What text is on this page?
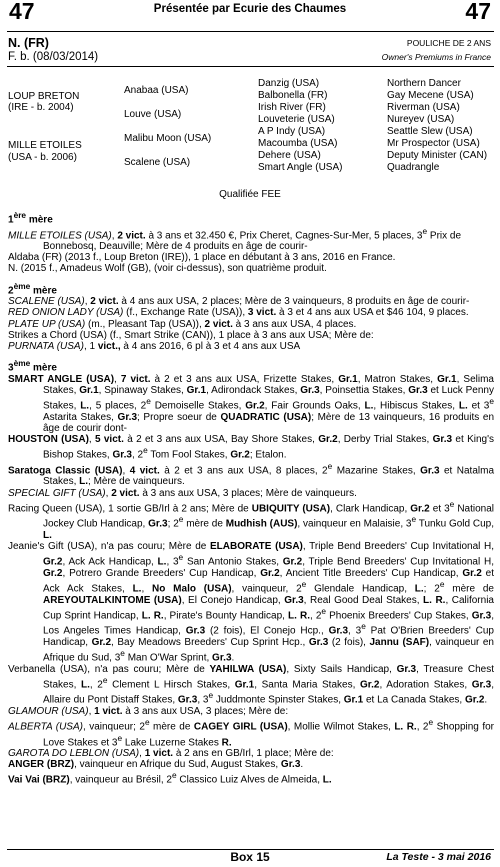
47	Présentée par Ecurie des Chaumes	47
N. (FR)
F. b. (08/03/2014)
POULICHE DE 2 ANS
Owner's Premiums in France
LOUP BRETON
(IRE - b. 2004)
MILLE ETOILES
(USA - b. 2006)
Anabaa (USA)
Louve (USA)
Malibu Moon (USA)
Scalene (USA)
Danzig (USA)
Balbonella (FR)
Irish River (FR)
Louveterie (USA)
A P Indy (USA)
Macoumba (USA)
Dehere (USA)
Smart Angle (USA)
Northern Dancer
Gay Mecene (USA)
Riverman (USA)
Nureyev (USA)
Seattle Slew (USA)
Mr Prospector (USA)
Deputy Minister (CAN)
Quadrangle
Qualifiée FEE

1ère mère

MILLE ETOILES (USA), 2 vict. à 3 ans et 32.450 €, Prix Cheret, Cagnes-Sur-Mer, 5 places, 3e Prix de Bonnebosq, Deauville; Mère de 4 produits en âge de courir-

Aldaba (FR) (2013 f., Loup Breton (IRE)), 1 place en débutant à 3 ans, 2016 en France.

N. (2015 f., Amadeus Wolf (GB), (voir ci-dessus), son quatrième produit.

2ème mère

SCALENE (USA), 2 vict. à 4 ans aux USA, 2 places; Mère de 3 vainqueurs, 8 produits en âge de courir-

RED ONION LADY (USA) (f., Exchange Rate (USA)), 3 vict. à 3 et 4 ans aux USA et $46 104, 9 places.

PLATE UP (USA) (m., Pleasant Tap (USA)), 2 vict. à 3 ans aux USA, 4 places.

Strikes a Chord (USA) (f., Smart Strike (CAN)), 1 place à 3 ans aux USA; Mère de:

PURNATA (USA), 1 vict., à 4 ans 2016, 6 pl à 3 et 4 ans aux USA

3ème mère

SMART ANGLE (USA), 7 vict. à 2 et 3 ans aux USA, Frizette Stakes, Gr.1, Matron Stakes, Gr.1, Selima Stakes, Gr.1, Spinaway Stakes, Gr.1, Adirondack Stakes, Gr.3, Poinsettia Stakes, Gr.3 et Luck Penny Stakes, L., 5 places, 2e Demoiselle Stakes, Gr.2, Fair Grounds Oaks, L., Hibiscus Stakes, L. et 3e Astarita Stakes, Gr.3; Propre soeur de QUADRATIC (USA); Mère de 13 vainqueurs, 16 produits en âge de courir dont-

HOUSTON (USA), 5 vict. à 2 et 3 ans aux USA, Bay Shore Stakes, Gr.2, Derby Trial Stakes, Gr.3 et King's Bishop Stakes, Gr.3, 2e Tom Fool Stakes, Gr.2; Etalon.

Saratoga Classic (USA), 4 vict. à 2 et 3 ans aux USA, 8 places, 2e Mazarine Stakes, Gr.3 et Natalma Stakes, L.; Mère de vainqueurs.

SPECIAL GIFT (USA), 2 vict. à 3 ans aux USA, 3 places; Mère de vainqueurs.

Racing Queen (USA), 1 sortie GB/Irl à 2 ans; Mère de UBIQUITY (USA), Clark Handicap, Gr.2 et 3e National Jockey Club Handicap, Gr.3; 2e mère de Mudhish (AUS), vainqueur en Malaisie, 3e Tunku Gold Cup, L.

Jeanie's Gift (USA), n'a pas couru; Mère de ELABORATE (USA), Triple Bend Breeders' Cup Invitational H, Gr.2, Ack Ack Handicap, L., 3e San Antonio Stakes, Gr.2, Triple Bend Breeders' Cup Invitational H, Gr.2, Potrero Grande Breeders' Cup Handicap, Gr.2, Ancient Title Breeders' Cup Handicap, Gr.2 et Ack Ack Stakes, L., No Malo (USA), vainqueur, 2e Glendale Handicap, L.; 2e mère de AREYOUTALKINTOME (USA), El Conejo Handicap, Gr.3, Real Good Deal Stakes, L. R., California Cup Sprint Handicap, L. R., Pirate's Bounty Handicap, L. R., 2e Phoenix Breeders' Cup Stakes, Gr.3, Los Angeles Times Handicap, Gr.3 (2 fois), El Conejo Hcp., Gr.3, 3e Pat O'Brien Breeders' Cup Handicap, Gr.2, Bay Meadows Breeders' Cup Sprint Hcp., Gr.3 (2 fois), Jannu (SAF), vainqueur en Afrique du Sud, 3e Man O'War Sprint, Gr.3.

Verbanella (USA), n'a pas couru; Mère de YAHILWA (USA), Sixty Sails Handicap, Gr.3, Treasure Chest Stakes, L., 2e Clement L Hirsch Stakes, Gr.1, Santa Maria Stakes, Gr.2, Adoration Stakes, Gr.3, Allaire du Pont Distaff Stakes, Gr.3, 3e Juddmonte Spinster Stakes, Gr.1 et La Canada Stakes, Gr.2.

GLAMOUR (USA), 1 vict. à 3 ans aux USA, 3 places; Mère de:

ALBERTA (USA), vainqueur; 2e mère de CAGEY GIRL (USA), Mollie Wilmot Stakes, L. R., 2e Shopping for Love Stakes et 3e Lake Luzerne Stakes R.

GAROTA DO LEBLON (USA), 1 vict. à 2 ans en GB/Irl, 1 place; Mère de:

ANGER (BRZ), vainqueur en Afrique du Sud, August Stakes, Gr.3.

Vai Vai (BRZ), vainqueur au Brésil, 2e Classico Luiz Alves de Almeida, L.

Box 15	La Teste - 3 mai 2016
